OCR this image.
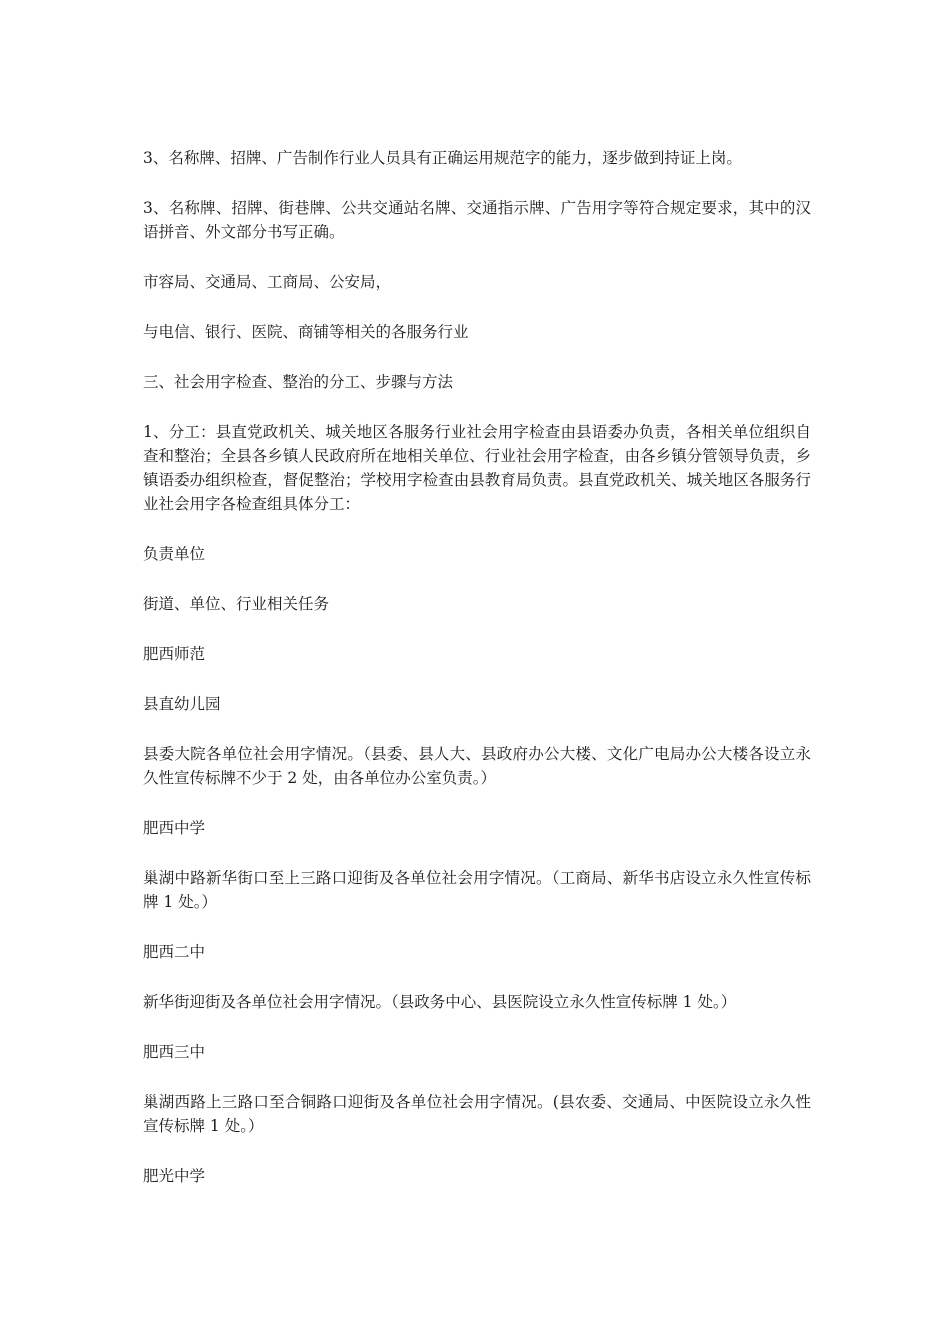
3、名称牌、招牌、广告制作行业人员具有正确运用规范字的能力，逐步做到持证上岗。

3、名称牌、招牌、街巷牌、公共交通站名牌、交通指示牌、广告用字等符合规定要求，其中的汉语拼音、外文部分书写正确。

市容局、交通局、工商局、公安局，

与电信、银行、医院、商铺等相关的各服务行业

三、社会用字检查、整治的分工、步骤与方法

1、分工：县直党政机关、城关地区各服务行业社会用字检查由县语委办负责，各相关单位组织自查和整治；全县各乡镇人民政府所在地相关单位、行业社会用字检查，由各乡镇分管领导负责，乡镇语委办组织检查，督促整治；学校用字检查由县教育局负责。县直党政机关、城关地区各服务行业社会用字各检查组具体分工：

负责单位

街道、单位、行业相关任务

肥西师范

县直幼儿园

县委大院各单位社会用字情况。（县委、县人大、县政府办公大楼、文化广电局办公大楼各设立永久性宣传标牌不少于 2 处，由各单位办公室负责。）

肥西中学

巢湖中路新华街口至上三路口迎街及各单位社会用字情况。（工商局、新华书店设立永久性宣传标牌 1 处。）

肥西二中

新华街迎街及各单位社会用字情况。（县政务中心、县医院设立永久性宣传标牌 1 处。）

肥西三中

巢湖西路上三路口至合铜路口迎街及各单位社会用字情况。(县农委、交通局、中医院设立永久性宣传标牌 1 处。）

肥光中学
